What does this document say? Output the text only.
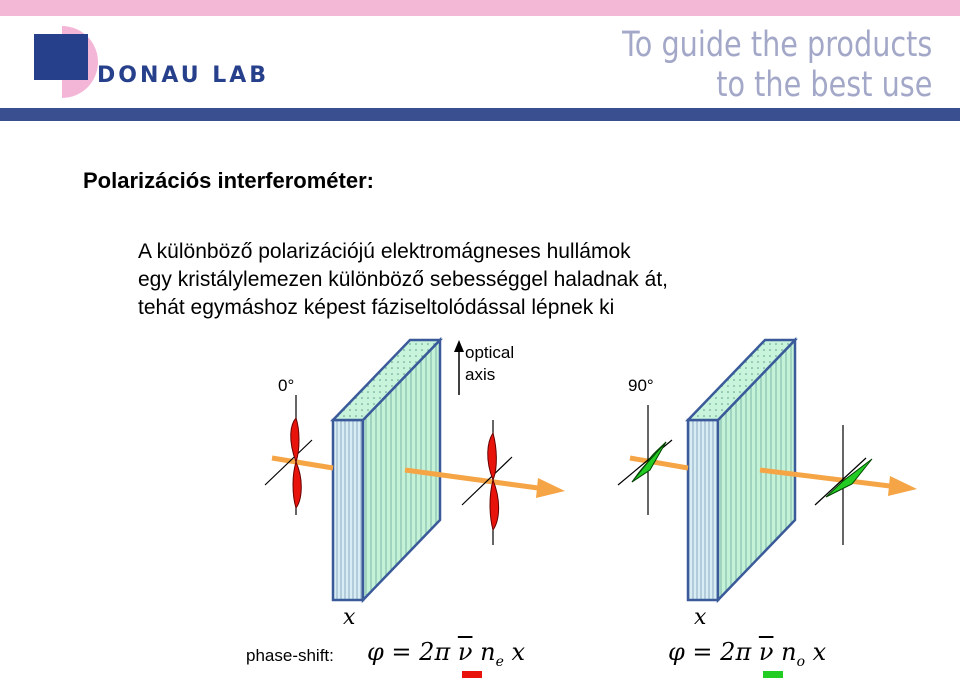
DONAU LAB
To guide the products
to the best use
Polarizációs interferométer:
A különböző polarizációjú elektromágneses hullámok
egy kristálylemezen különböző sebességgel haladnak át,
tehát egymáshoz képest fáziseltolódással lépnek ki
optical
axis
0°	90°
x	x
phase-shift: φ = 2π $\overline{\nu}$ $n_e$ x	φ = 2π $\overline{\nu}$ $n_o$ x
